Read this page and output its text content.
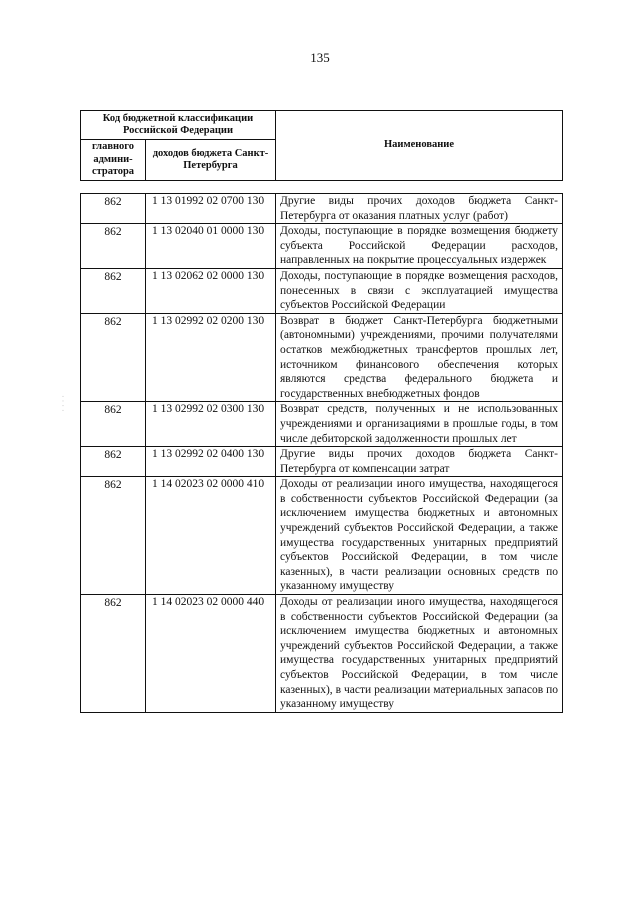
135
Код бюджетной классификации Российской Федерации		Наименование
главного админи-стратора	доходов бюджета Санкт-Петербурга	
· · · ·
862	1 13 01992 02 0700 130	Другие виды прочих доходов бюджета Санкт-Петербурга от оказания платных услуг (работ)
862	1 13 02040 01 0000 130	Доходы, поступающие в порядке возмещения бюджету субъекта Российской Федерации расходов, направленных на покрытие процессуальных издержек
862	1 13 02062 02 0000 130	Доходы, поступающие в порядке возмещения расходов, понесенных в связи с эксплуатацией имущества субъектов Российской Федерации
862	1 13 02992 02 0200 130	Возврат в бюджет Санкт-Петербурга бюджетными (автономными) учреждениями, прочими получателями остатков межбюджетных трансфертов прошлых лет, источником финансового обеспечения которых являются средства федерального бюджета и государственных внебюджетных фондов
862	1 13 02992 02 0300 130	Возврат средств, полученных и не использованных учреждениями и организациями в прошлые годы, в том числе дебиторской задолженности прошлых лет
862	1 13 02992 02 0400 130	Другие виды прочих доходов бюджета Санкт-Петербурга от компенсации затрат
862	1 14 02023 02 0000 410	Доходы от реализации иного имущества, находящегося в собственности субъектов Российской Федерации (за исключением имущества бюджетных и автономных учреждений субъектов Российской Федерации, а также имущества государственных унитарных предприятий субъектов Российской Федерации, в том числе казенных), в части реализации основных средств по указанному имуществу
862	1 14 02023 02 0000 440	Доходы от реализации иного имущества, находящегося в собственности субъектов Российской Федерации (за исключением имущества бюджетных и автономных учреждений субъектов Российской Федерации, а также имущества государственных унитарных предприятий субъектов Российской Федерации, в том числе казенных), в части реализации материальных запасов по указанному имуществу
